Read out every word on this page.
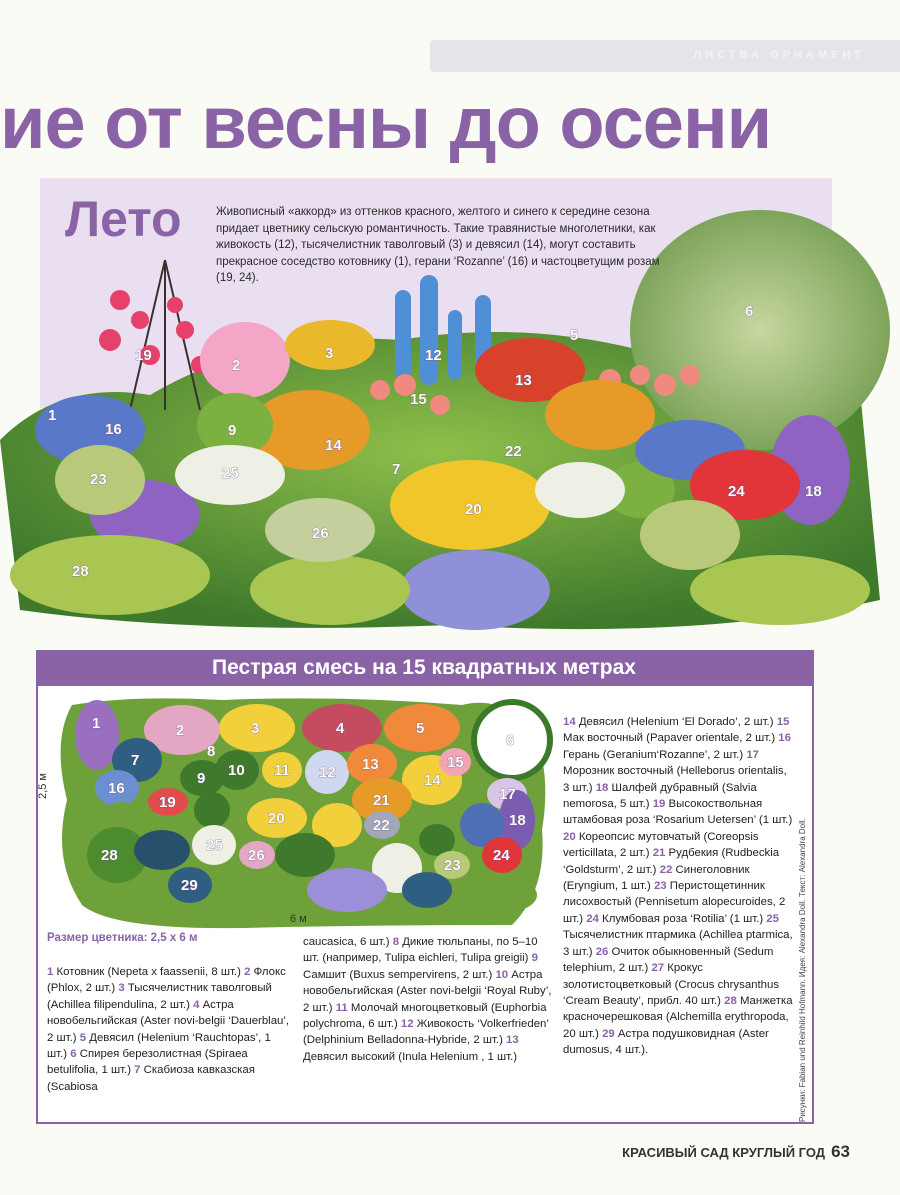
ЛИСТВА ОРНАМЕНТ
ие от весны до осени
1
2
3
5
6
9
12
13
14
15
16
18
19
20
22
23
24
25
26
28
7
Лето	Живописный «аккорд» из оттенков красного, желтого и синего к середине сезона придает цветнику сельскую романтичность. Такие травянистые многолетники, как живокость (12), тысячелистник таволговый (3) и девясил (14), могут составить прекрасное соседство котовнику (1), герани ‘Rozanne’ (16) и частоцветущим розам (19, 24).
Пестрая смесь на 15 квадратных метрах
1	2	3	4	5
6
7
8
9 10 11 12 13
14
15
16	17
18
19
20
21
22
23
24
25
26
28
29
2,5 м
6 м
Размер цветника: 2,5 x 6 м
1 Котовник (Nepeta x faassenii, 8 шт.) 2 Флокс (Phlox, 2 шт.) 3 Тысячелистник таволговый (Achillea filipendulina, 2 шт.) 4 Астра новобельгийская (Aster novi-belgii ‘Dauerblau’, 2 шт.) 5 Девясил (Helenium ‘Rauchtopas’, 1 шт.) 6 Спирея березолистная (Spiraea betulifolia, 1 шт.) 7 Скабиоза кавказская (Scabiosa
caucasica, 6 шт.) 8 Дикие тюльпаны, по 5–10 шт. (например, Tulipa eichleri, Tulipa greigii) 9 Самшит (Buxus sempervirens, 2 шт.) 10 Астра новобельгийская (Aster novi-belgii ‘Royal Ruby’, 2 шт.) 11 Молочай многоцветковый (Euphorbia polychroma, 6 шт.) 12 Живокость ‘Volkerfrieden’ (Delphinium Belladonna-Hybride, 2 шт.) 13 Девясил высокий (Inula Helenium , 1 шт.)
14 Девясил (Helenium ‘El Dorado’, 2 шт.) 15 Мак восточный (Papaver orientale, 2 шт.) 16 Герань (Geranium‘Rozanne’, 2 шт.) 17 Морозник восточный (Helleborus orientalis, 3 шт.) 18 Шалфей дубравный (Salvia nemorosa, 5 шт.) 19 Высокоствольная штамбовая роза ‘Rosarium Uetersen’ (1 шт.) 20 Кореопсис мутовчатый (Coreopsis verticillata, 2 шт.) 21 Рудбекия (Rudbeckia ‘Goldsturm’, 2 шт.) 22 Синеголовник (Eryngium, 1 шт.) 23 Перистощетинник лисохвостый (Pennisetum alopecuroides, 2 шт.) 24 Клумбовая роза ‘Rotilia’ (1 шт.) 25 Тысячелистник птармика (Achillea ptarmica, 3 шт.) 26 Очиток обыкновенный (Sedum telephium, 2 шт.) 27 Крокус золотистоцветковый (Crocus chrysanthus ‘Cream Beauty’, прибл. 40 шт.) 28 Манжетка красночерешковая (Alchemilla erythropoda, 20 шт.) 29 Астра подушковидная (Aster dumosus, 4 шт.).	Рисунки: Fabian und Reinhild Hofmann. Идея: Alexandra Doll. Текст: Alexandra Doll.
КРАСИВЫЙ САД КРУГЛЫЙ ГОД 63
